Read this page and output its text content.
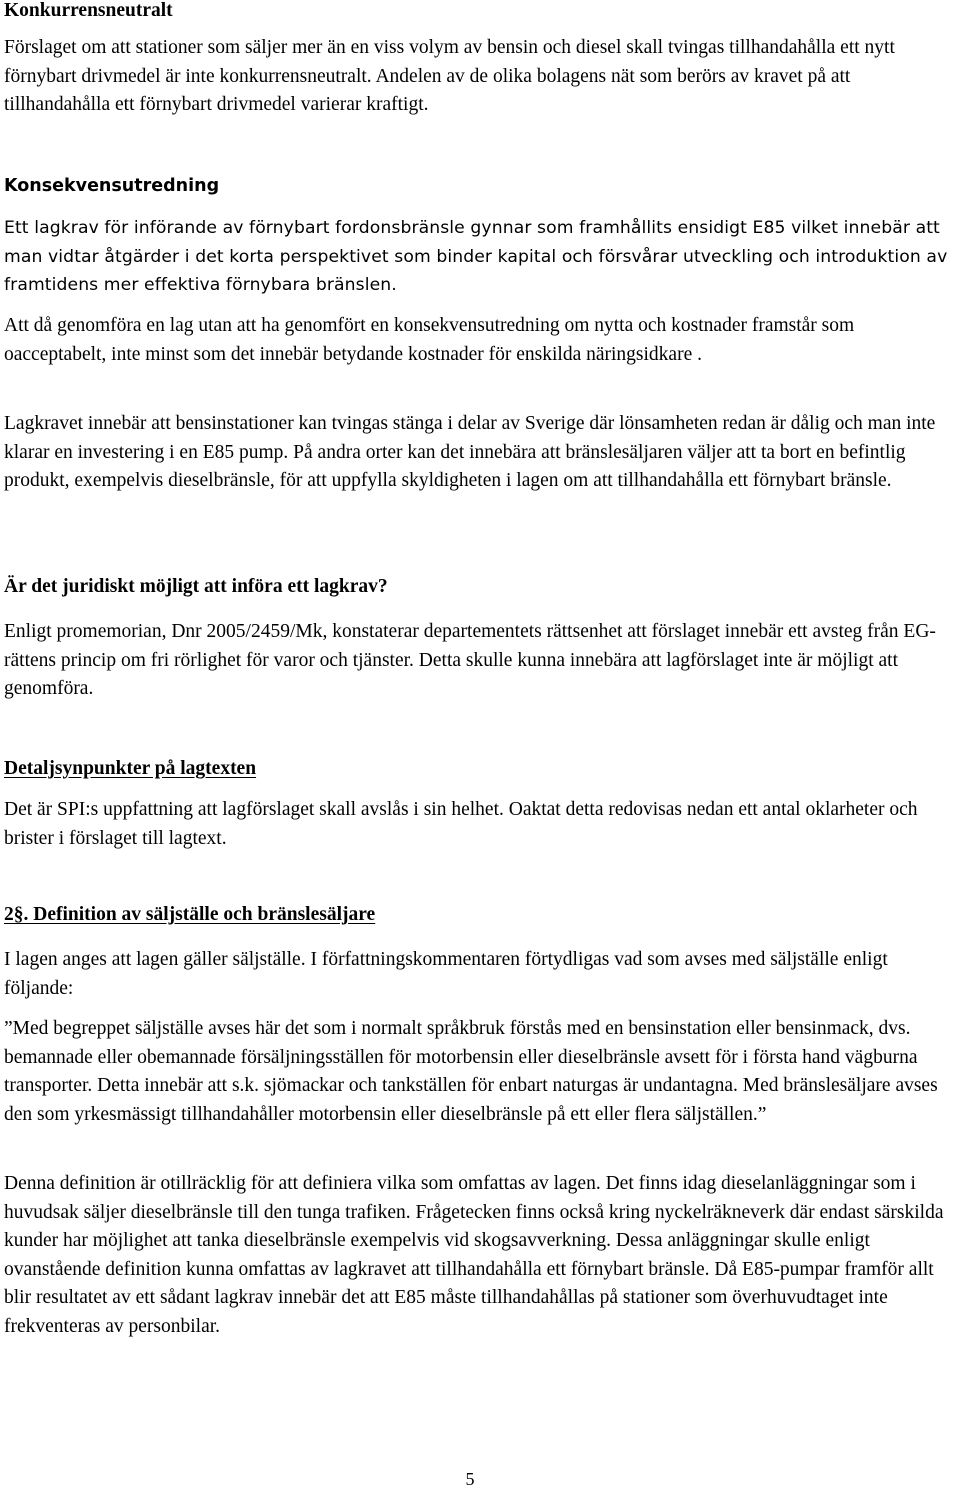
Konkurrensneutralt

Förslaget om att stationer som säljer mer än en viss volym av bensin och diesel skall tvingas tillhandahålla ett nytt förnybart drivmedel är inte konkurrensneutralt. Andelen av de olika bolagens nät som berörs av kravet på att tillhandahålla ett förnybart drivmedel varierar kraftigt.

Konsekvensutredning

Ett lagkrav för införande av förnybart fordonsbränsle gynnar som framhållits ensidigt E85 vilket innebär att man vidtar åtgärder i det korta perspektivet som binder kapital och försvårar utveckling och introduktion av framtidens mer effektiva förnybara bränslen.

Att då genomföra en lag utan att ha genomfört en konsekvensutredning om nytta och kostnader framstår som oacceptabelt, inte minst som det innebär betydande kostnader för enskilda näringsidkare .

Lagkravet innebär att bensinstationer kan tvingas stänga i delar av Sverige där lönsamheten redan är dålig och man inte klarar en investering i en E85 pump. På andra orter kan det innebära att bränslesäljaren väljer att ta bort en befintlig produkt, exempelvis dieselbränsle, för att uppfylla skyldigheten i lagen om att tillhandahålla ett förnybart bränsle.

Är det juridiskt möjligt att införa ett lagkrav?

Enligt promemorian, Dnr 2005/2459/Mk, konstaterar departementets rättsenhet att förslaget innebär ett avsteg från EG-rättens princip om fri rörlighet för varor och tjänster. Detta skulle kunna innebära att lagförslaget inte är möjligt att genomföra.

Detaljsynpunkter på lagtexten

Det är SPI:s uppfattning att lagförslaget skall avslås i sin helhet. Oaktat detta redovisas nedan ett antal oklarheter och brister i förslaget till lagtext.

2§. Definition av säljställe och bränslesäljare

I lagen anges att lagen gäller säljställe. I författningskommentaren förtydligas vad som avses med säljställe enligt följande:

”Med begreppet säljställe avses här det som i normalt språkbruk förstås med en bensinstation eller bensinmack, dvs. bemannade eller obemannade försäljningsställen för motorbensin eller dieselbränsle avsett för i första hand vägburna transporter. Detta innebär att s.k. sjömackar och tankställen för enbart naturgas är undantagna. Med bränslesäljare avses den som yrkesmässigt tillhandahåller motorbensin eller dieselbränsle på ett eller flera säljställen.”

Denna definition är otillräcklig för att definiera vilka som omfattas av lagen. Det finns idag dieselanläggningar som i huvudsak säljer dieselbränsle till den tunga trafiken. Frågetecken finns också kring nyckelräkneverk där endast särskilda kunder har möjlighet att tanka dieselbränsle exempelvis vid skogsavverkning. Dessa anläggningar skulle enligt ovanstående definition kunna omfattas av lagkravet att tillhandahålla ett förnybart bränsle. Då E85-pumpar framför allt blir resultatet av ett sådant lagkrav innebär det att E85 måste tillhandahållas på stationer som överhuvudtaget inte frekventeras av personbilar.

5
